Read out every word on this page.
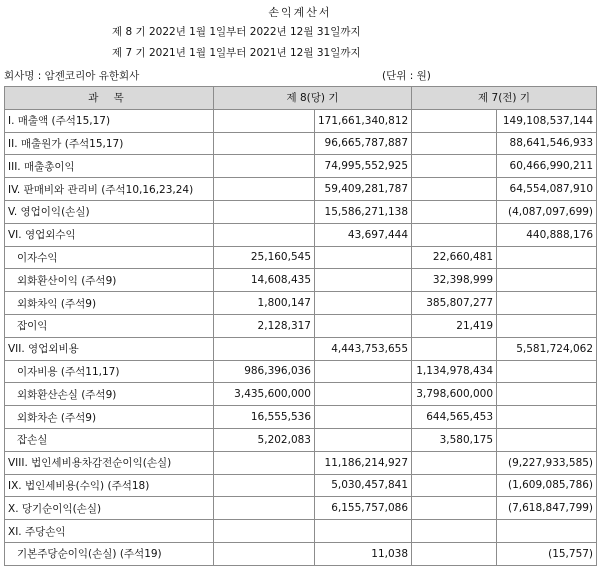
손익계산서
제 8 기 2022년 1월 1일부터 2022년 12월 31일까지
제 7 기 2021년 1월 1일부터 2021년 12월 31일까지
회사명 : 암젠코리아 유한회사	(단위 : 원)
과 목	제 8(당) 기		제 7(전) 기	
I. 매출액 (주석15,17)		171,661,340,812		149,108,537,144
II. 매출원가 (주석15,17)		96,665,787,887		88,641,546,933
III. 매출총이익		74,995,552,925		60,466,990,211
IV. 판매비와 관리비 (주석10,16,23,24)		59,409,281,787		64,554,087,910
V. 영업이익(손실)		15,586,271,138		(4,087,097,699)
VI. 영업외수익		43,697,444		440,888,176
이자수익	25,160,545		22,660,481	
외화환산이익 (주석9)	14,608,435		32,398,999	
외화차익 (주석9)	1,800,147		385,807,277	
잡이익	2,128,317		21,419	
VII. 영업외비용		4,443,753,655		5,581,724,062
이자비용 (주석11,17)	986,396,036		1,134,978,434	
외화환산손실 (주석9)	3,435,600,000		3,798,600,000	
외화차손 (주석9)	16,555,536		644,565,453	
잡손실	5,202,083		3,580,175	
VIII. 법인세비용차감전순이익(손실)		11,186,214,927		(9,227,933,585)
IX. 법인세비용(수익) (주석18)		5,030,457,841		(1,609,085,786)
X. 당기순이익(손실)		6,155,757,086		(7,618,847,799)
XI. 주당손익				
기본주당순이익(손실) (주석19)		11,038		(15,757)
